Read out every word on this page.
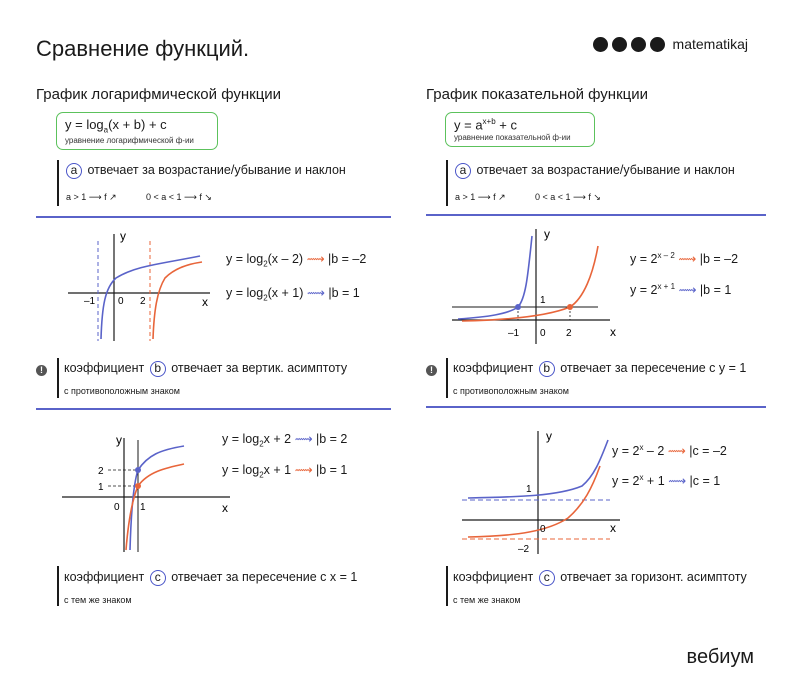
Сравнение функций.	matematikaj
График логарифмической функции
$y = \log_a(x + b) + c$
уравнение логарифмической ф-ии
a отвечает за возрастание/убывание и наклон
a > 1 ⟶ f ↗	0 < a < 1 ⟶ f ↘
y
x
–1 0 2
$y = \log_2(x - 2)$ ⟿ |b = –2
$y = \log_2(x + 1)$ ⟿ |b = 1
!	коэффициент b отвечает за вертик. асимптоту
с противоположным знаком
y
x
0 1
2
1
$y = \log_2x + 2$ ⟿ |b = 2
$y = \log_2x + 1$ ⟿ |b = 1
коэффициент c отвечает за пересечение с x = 1
с тем же знаком
График показательной функции
$y = a^{x+b} + c$
уравнение показательной ф-ии
a отвечает за возрастание/убывание и наклон
a > 1 ⟶ f ↗	0 < a < 1 ⟶ f ↘
y
x
–1 0 2
1
$y = 2^{x - 2}$ ⟿ |b = –2
$y = 2^{x + 1}$ ⟿ |b = 1
!	коэффициент b отвечает за пересечение с y = 1
с противоположным знаком
y
x
0
1
–2
$y = 2^x - 2$ ⟿ |c = –2
$y = 2^x + 1$ ⟿ |c = 1
коэффициент c отвечает за горизонт. асимптоту
с тем же знаком
вебиум
